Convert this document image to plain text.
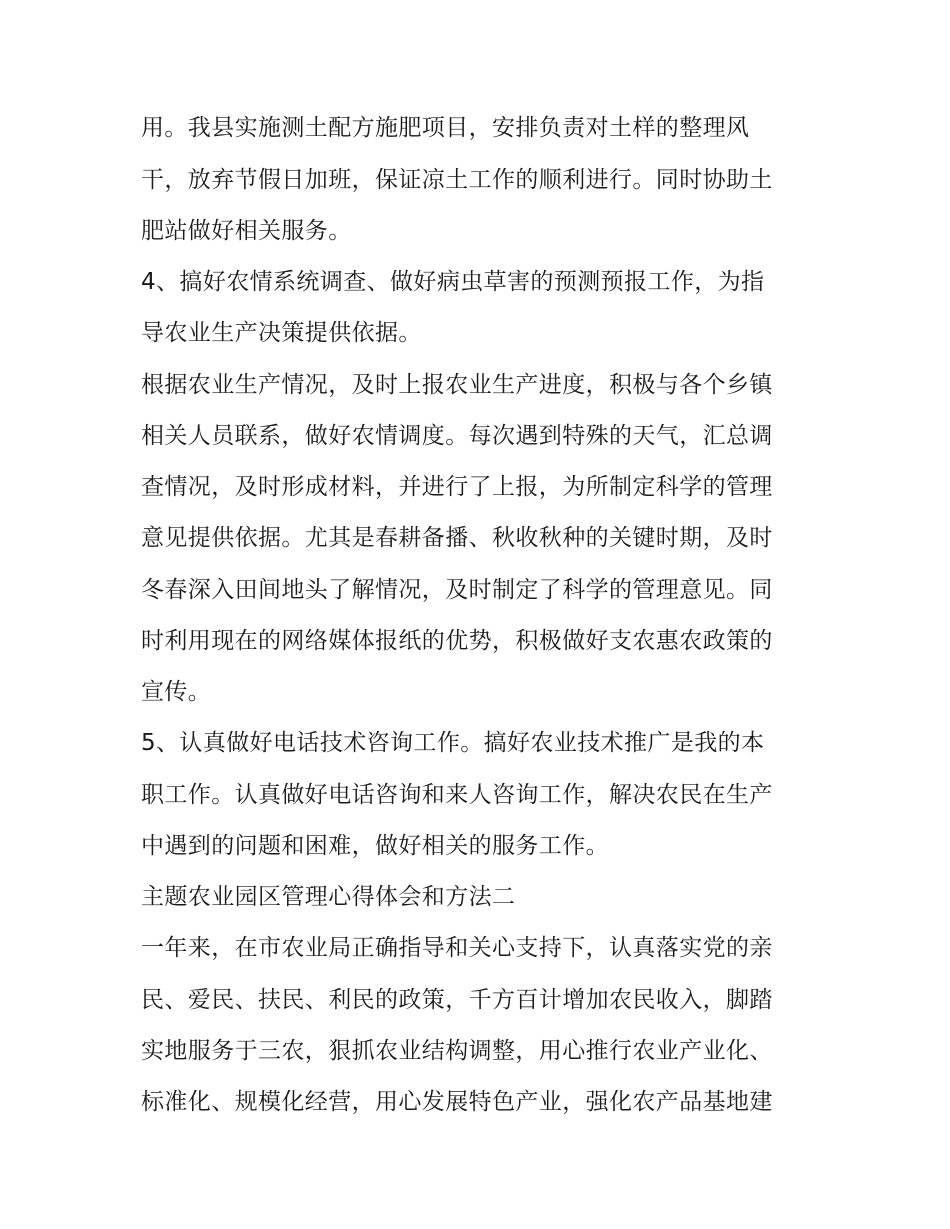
用。我县实施测土配方施肥项目，安排负责对土样的整理风

干，放弃节假日加班，保证凉土工作的顺利进行。同时协助土

肥站做好相关服务。

4、搞好农情系统调查、做好病虫草害的预测预报工作，为指

导农业生产决策提供依据。

根据农业生产情况，及时上报农业生产进度，积极与各个乡镇

相关人员联系，做好农情调度。每次遇到特殊的天气，汇总调

查情况，及时形成材料，并进行了上报，为所制定科学的管理

意见提供依据。尤其是春耕备播、秋收秋种的关键时期，及时

冬春深入田间地头了解情况，及时制定了科学的管理意见。同

时利用现在的网络媒体报纸的优势，积极做好支农惠农政策的

宣传。

5、认真做好电话技术咨询工作。搞好农业技术推广是我的本

职工作。认真做好电话咨询和来人咨询工作，解决农民在生产

中遇到的问题和困难，做好相关的服务工作。

主题农业园区管理心得体会和方法二

一年来，在市农业局正确指导和关心支持下，认真落实党的亲

民、爱民、扶民、利民的政策，千方百计增加农民收入，脚踏

实地服务于三农，狠抓农业结构调整，用心推行农业产业化、

标准化、规模化经营，用心发展特色产业，强化农产品基地建
